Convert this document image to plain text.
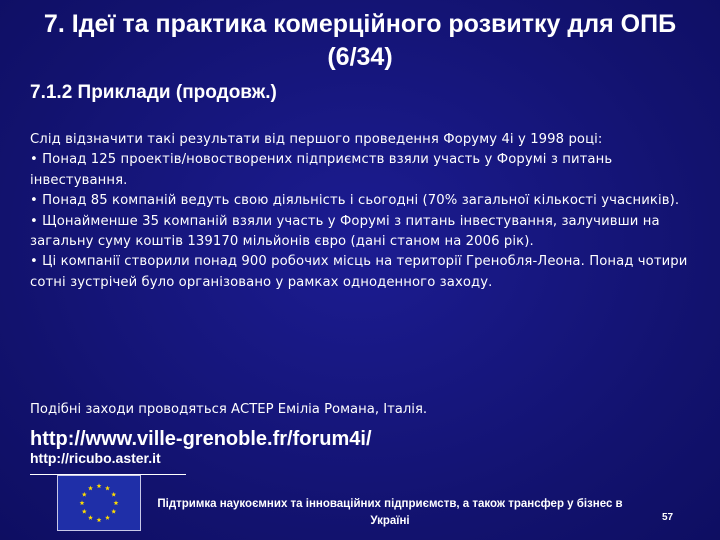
7. Ідеї та практика комерційного розвитку для ОПБ (6/34)
7.1.2 Приклади (продовж.)

Слід відзначити такі результати від першого проведення Форуму 4і у 1998 році:

• Понад 125 проектів/новостворених підприємств взяли участь у Форумі з питань інвестування.

• Понад 85 компаній ведуть свою діяльність і сьогодні (70% загальної кількості учасників).

• Щонайменше 35 компаній взяли участь у Форумі з питань інвестування, залучивши на загальну суму коштів 139170 мільйонів євро (дані станом на 2006 рік).

• Ці компанії створили понад 900 робочих місць на території Гренобля-Леона. Понад чотири сотні зустрічей було організовано у рамках одноденного заходу.

Подібні заходи проводяться АСТЕР Еміліа Романа, Італія.
http://www.ville-grenoble.fr/forum4i/
http://ricubo.aster.it
Підтримка наукоємних та інноваційних підприємств, а також трансфер у бізнес в Україні	57
